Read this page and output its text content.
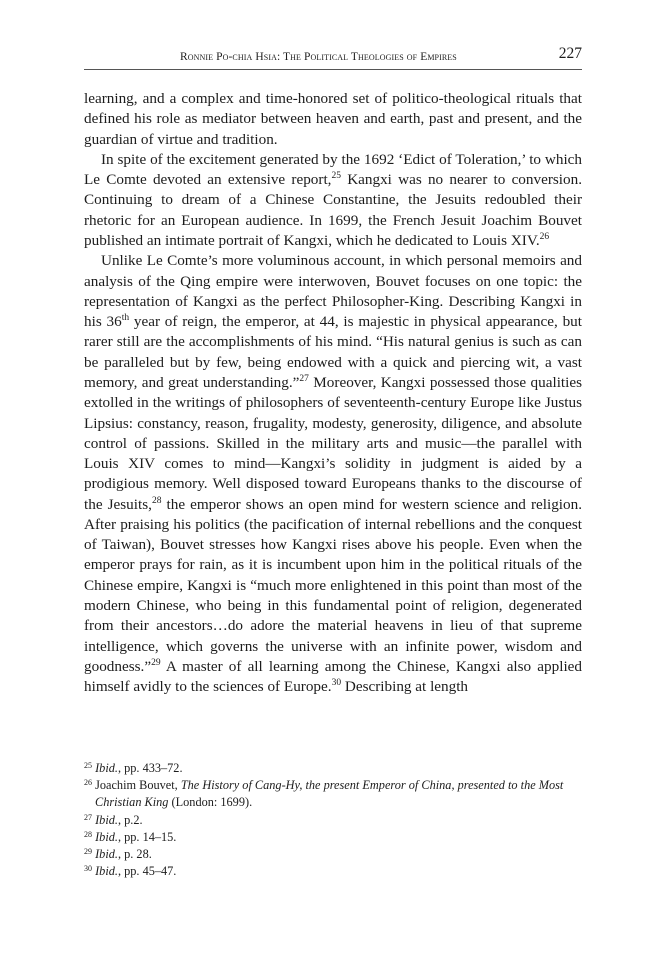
Ronnie Po-chia Hsia: The Political Theologies of Empires	227

learning, and a complex and time-honored set of politico-theological rituals that defined his role as mediator between heaven and earth, past and present, and the guardian of virtue and tradition.

In spite of the excitement generated by the 1692 ‘Edict of Toleration,’ to which Le Comte devoted an extensive report,$^{25}$ Kangxi was no nearer to conversion. Continuing to dream of a Chinese Constantine, the Jesuits redoubled their rhetoric for an European audience. In 1699, the French Jesuit Joachim Bouvet published an intimate portrait of Kangxi, which he dedicated to Louis XIV.$^{26}$

Unlike Le Comte’s more voluminous account, in which personal memoirs and analysis of the Qing empire were interwoven, Bouvet focuses on one topic: the representation of Kangxi as the perfect Philosopher-King. Describing Kangxi in his 36th year of reign, the emperor, at 44, is majestic in physical appearance, but rarer still are the accomplishments of his mind. “His natural genius is such as can be paralleled but by few, being endowed with a quick and piercing wit, a vast memory, and great understanding.”$^{27}$ Moreover, Kangxi possessed those qualities extolled in the writings of philosophers of seventeenth-century Europe like Justus Lipsius: constancy, reason, frugality, modesty, generosity, diligence, and absolute control of passions. Skilled in the military arts and music—the parallel with Louis XIV comes to mind—Kangxi’s solidity in judgment is aided by a prodigious memory. Well disposed toward Europeans thanks to the discourse of the Jesuits,$^{28}$ the emperor shows an open mind for western science and religion. After praising his politics (the pacification of internal rebellions and the conquest of Taiwan), Bouvet stresses how Kangxi rises above his people. Even when the emperor prays for rain, as it is incumbent upon him in the political rituals of the Chinese empire, Kangxi is “much more enlightened in this point than most of the modern Chinese, who being in this fundamental point of religion, degenerated from their ancestors…do adore the material heavens in lieu of that supreme intelligence, which governs the universe with an infinite power, wisdom and goodness.”$^{29}$ A master of all learning among the Chinese, Kangxi also applied himself avidly to the sciences of Europe.$^{30}$ Describing at length

$^{25}$ Ibid., pp. 433–72.
$^{26}$ Joachim Bouvet, The History of Cang-Hy, the present Emperor of China, presented to the Most Christian King (London: 1699).
$^{27}$ Ibid., p.2.
$^{28}$ Ibid., pp. 14–15.
$^{29}$ Ibid., p. 28.
$^{30}$ Ibid., pp. 45–47.
